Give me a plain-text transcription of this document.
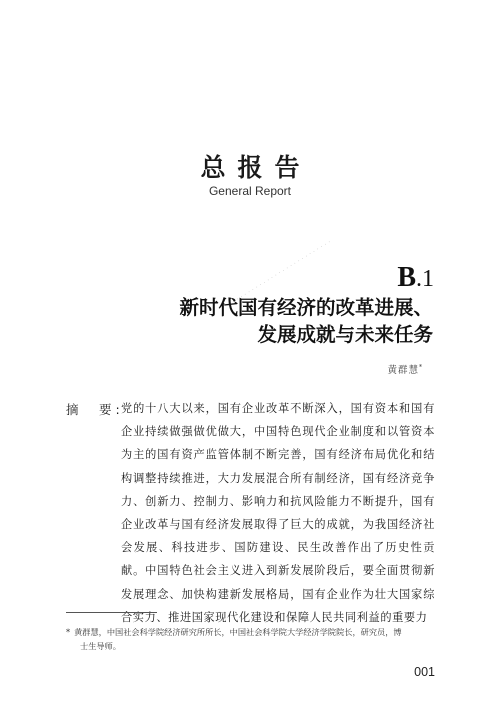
总报告
General Report
· · · · · · · · · · · · · · · · · · · · · · · · · · B.1
新时代国有经济的改革进展、
发展成就与未来任务
黄群慧*
摘　要:
党的十八大以来，国有企业改革不断深入，国有资本和国有企业持续做强做优做大，中国特色现代企业制度和以管资本为主的国有资产监管体制不断完善，国有经济布局优化和结构调整持续推进，大力发展混合所有制经济，国有经济竞争力、创新力、控制力、影响力和抗风险能力不断提升，国有企业改革与国有经济发展取得了巨大的成就，为我国经济社会发展、科技进步、国防建设、民生改善作出了历史性贡献。中国特色社会主义进入到新发展阶段后，要全面贯彻新发展理念、加快构建新发展格局，国有企业作为壮大国家综合实力、推进国家现代化建设和保障人民共同利益的重要力
* 黄群慧，中国社会科学院经济研究所所长，中国社会科学院大学经济学院院长，研究员，博
士生导师。
001
